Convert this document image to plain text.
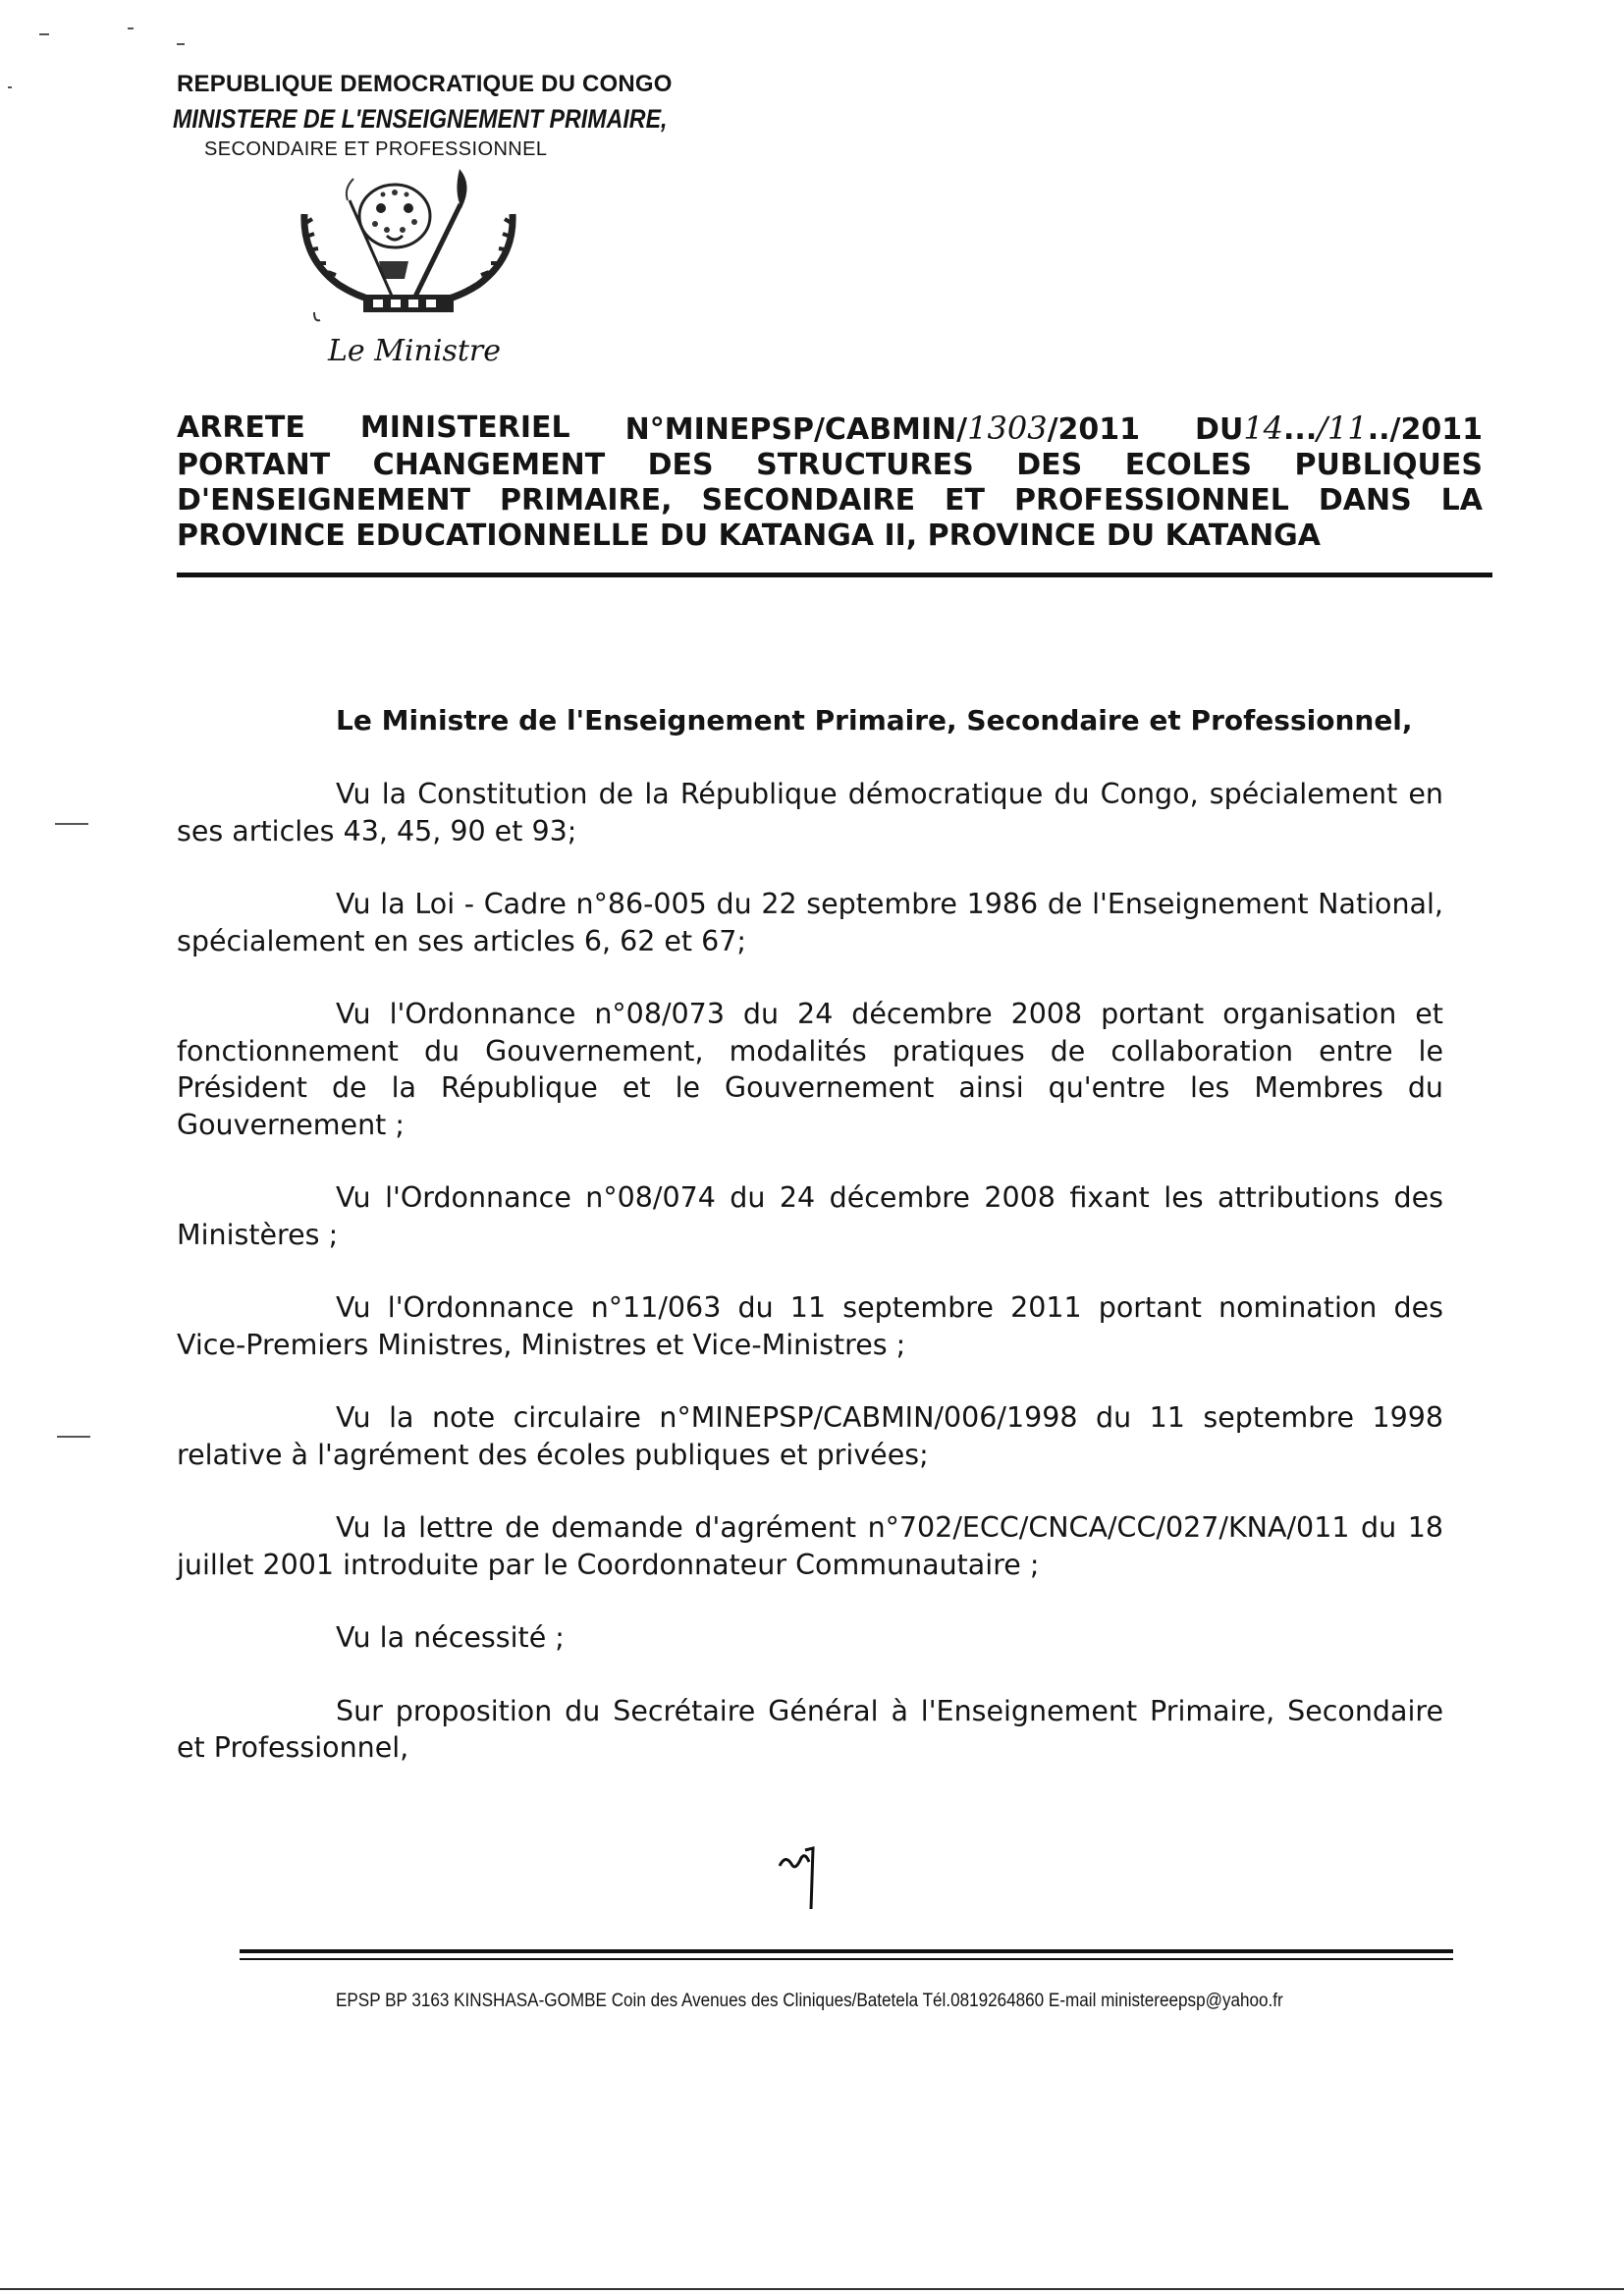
REPUBLIQUE DEMOCRATIQUE DU CONGO
MINISTERE DE L'ENSEIGNEMENT PRIMAIRE,
SECONDAIRE ET PROFESSIONNEL
Le Ministre
ARRETE MINISTERIEL N°MINEPSP/CABMIN/1303/2011 DU14.../11../2011
PORTANT CHANGEMENT DES STRUCTURES DES ECOLES PUBLIQUES
D'ENSEIGNEMENT PRIMAIRE, SECONDAIRE ET PROFESSIONNEL DANS LA
PROVINCE EDUCATIONNELLE DU KATANGA II, PROVINCE DU KATANGA
Le Ministre de l'Enseignement Primaire, Secondaire et Professionnel,

Vu la Constitution de la République démocratique du Congo, spécialement en ses articles 43, 45, 90 et 93;

Vu la Loi - Cadre n°86-005 du 22 septembre 1986 de l'Enseignement National, spécialement en ses articles 6, 62 et 67;

Vu l'Ordonnance n°08/073 du 24 décembre 2008 portant organisation et fonctionnement du Gouvernement, modalités pratiques de collaboration entre le Président de la République et le Gouvernement ainsi qu'entre les Membres du Gouvernement ;

Vu l'Ordonnance n°08/074 du 24 décembre 2008 fixant les attributions des Ministères ;

Vu l'Ordonnance n°11/063 du 11 septembre 2011 portant nomination des Vice-Premiers Ministres, Ministres et Vice-Ministres ;

Vu la note circulaire n°MINEPSP/CABMIN/006/1998 du 11 septembre 1998 relative à l'agrément des écoles publiques et privées;

Vu la lettre de demande d'agrément n°702/ECC/CNCA/CC/027/KNA/011 du 18 juillet 2001 introduite par le Coordonnateur Communautaire ;

Vu la nécessité ;

Sur proposition du Secrétaire Général à l'Enseignement Primaire, Secondaire et Professionnel,

EPSP BP 3163 KINSHASA-GOMBE Coin des Avenues des Cliniques/Batetela Tél.0819264860 E-mail ministereepsp@yahoo.fr
